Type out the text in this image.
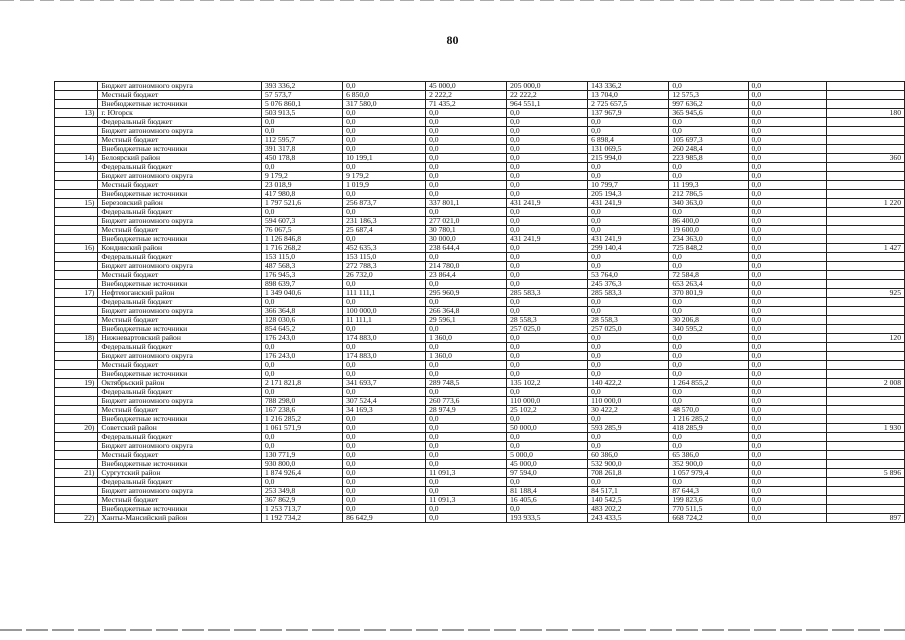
80
	Бюджет автономного округа	393 336,2	0,0	45 000,0	205 000,0	143 336,2	0,0	0,0	
	Местный бюджет	57 573,7	6 850,0	2 222,2	22 222,2	13 704,0	12 575,3	0,0	
	Внебюджетные источники	5 076 860,1	317 580,0	71 435,2	964 551,1	2 725 657,5	997 636,2	0,0	
13)	г. Югорск	503 913,5	0,0	0,0	0,0	137 967,9	365 945,6	0,0	180
	Федеральный бюджет	0,0	0,0	0,0	0,0	0,0	0,0	0,0	
	Бюджет автономного округа	0,0	0,0	0,0	0,0	0,0	0,0	0,0	
	Местный бюджет	112 595,7	0,0	0,0	0,0	6 898,4	105 697,3	0,0	
	Внебюджетные источники	391 317,8	0,0	0,0	0,0	131 069,5	260 248,4	0,0	
14)	Белоярский район	450 178,8	10 199,1	0,0	0,0	215 994,0	223 985,8	0,0	360
	Федеральный бюджет	0,0	0,0	0,0	0,0	0,0	0,0	0,0	
	Бюджет автономного округа	9 179,2	9 179,2	0,0	0,0	0,0	0,0	0,0	
	Местный бюджет	23 018,9	1 019,9	0,0	0,0	10 799,7	11 199,3	0,0	
	Внебюджетные источники	417 980,8	0,0	0,0	0,0	205 194,3	212 786,5	0,0	
15)	Березовский район	1 797 521,6	256 873,7	337 801,1	431 241,9	431 241,9	340 363,0	0,0	1 220
	Федеральный бюджет	0,0	0,0	0,0	0,0	0,0	0,0	0,0	
	Бюджет автономного округа	594 607,3	231 186,3	277 021,0	0,0	0,0	86 400,0	0,0	
	Местный бюджет	76 067,5	25 687,4	30 780,1	0,0	0,0	19 600,0	0,0	
	Внебюджетные источники	1 126 846,8	0,0	30 000,0	431 241,9	431 241,9	234 363,0	0,0	
16)	Кондинский район	1 716 268,2	452 635,3	238 644,4	0,0	299 140,4	725 848,2	0,0	1 427
	Федеральный бюджет	153 115,0	153 115,0	0,0	0,0	0,0	0,0	0,0	
	Бюджет автономного округа	487 568,3	272 788,3	214 780,0	0,0	0,0	0,0	0,0	
	Местный бюджет	176 945,3	26 732,0	23 864,4	0,0	53 764,0	72 584,8	0,0	
	Внебюджетные источники	898 639,7	0,0	0,0	0,0	245 376,3	653 263,4	0,0	
17)	Нефтеюганский район	1 349 040,6	111 111,1	295 960,9	285 583,3	285 583,3	370 801,9	0,0	925
	Федеральный бюджет	0,0	0,0	0,0	0,0	0,0	0,0	0,0	
	Бюджет автономного округа	366 364,8	100 000,0	266 364,8	0,0	0,0	0,0	0,0	
	Местный бюджет	128 030,6	11 111,1	29 596,1	28 558,3	28 558,3	30 206,8	0,0	
	Внебюджетные источники	854 645,2	0,0	0,0	257 025,0	257 025,0	340 595,2	0,0	
18)	Нижневартовский район	176 243,0	174 883,0	1 360,0	0,0	0,0	0,0	0,0	120
	Федеральный бюджет	0,0	0,0	0,0	0,0	0,0	0,0	0,0	
	Бюджет автономного округа	176 243,0	174 883,0	1 360,0	0,0	0,0	0,0	0,0	
	Местный бюджет	0,0	0,0	0,0	0,0	0,0	0,0	0,0	
	Внебюджетные источники	0,0	0,0	0,0	0,0	0,0	0,0	0,0	
19)	Октябрьский район	2 171 821,8	341 693,7	289 748,5	135 102,2	140 422,2	1 264 855,2	0,0	2 008
	Федеральный бюджет	0,0	0,0	0,0	0,0	0,0	0,0	0,0	
	Бюджет автономного округа	788 298,0	307 524,4	260 773,6	110 000,0	110 000,0	0,0	0,0	
	Местный бюджет	167 238,6	34 169,3	28 974,9	25 102,2	30 422,2	48 570,0	0,0	
	Внебюджетные источники	1 216 285,2	0,0	0,0	0,0	0,0	1 216 285,2	0,0	
20)	Советский район	1 061 571,9	0,0	0,0	50 000,0	593 285,9	418 285,9	0,0	1 930
	Федеральный бюджет	0,0	0,0	0,0	0,0	0,0	0,0	0,0	
	Бюджет автономного округа	0,0	0,0	0,0	0,0	0,0	0,0	0,0	
	Местный бюджет	130 771,9	0,0	0,0	5 000,0	60 386,0	65 386,0	0,0	
	Внебюджетные источники	930 800,0	0,0	0,0	45 000,0	532 900,0	352 900,0	0,0	
21)	Сургутский район	1 874 926,4	0,0	11 091,3	97 594,0	708 261,8	1 057 979,4	0,0	5 896
	Федеральный бюджет	0,0	0,0	0,0	0,0	0,0	0,0	0,0	
	Бюджет автономного округа	253 349,8	0,0	0,0	81 188,4	84 517,1	87 644,3	0,0	
	Местный бюджет	367 862,9	0,0	11 091,3	16 405,6	140 542,5	199 823,6	0,0	
	Внебюджетные источники	1 253 713,7	0,0	0,0	0,0	483 202,2	770 511,5	0,0	
22)	Ханты-Мансийский район	1 192 734,2	86 642,9	0,0	193 933,5	243 433,5	668 724,2	0,0	897
